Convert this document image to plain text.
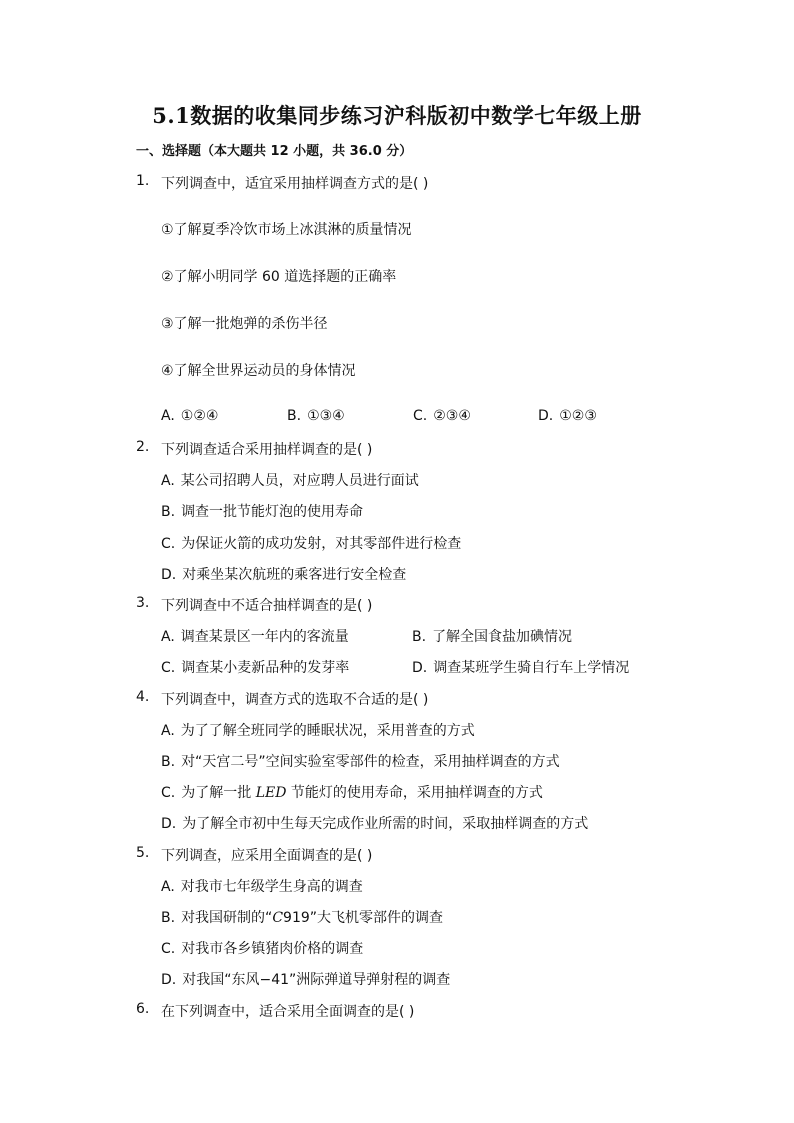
5.1数据的收集同步练习沪科版初中数学七年级上册
一、选择题（本大题共 12 小题，共 36.0 分）
1. 下列调查中，适宜采用抽样调查方式的是( )
①了解夏季冷饮市场上冰淇淋的质量情况
②了解小明同学 60 道选择题的正确率
③了解一批炮弹的杀伤半径
④了解全世界运动员的身体情况
A. ①②④	B. ①③④	C. ②③④	D. ①②③
2. 下列调查适合采用抽样调查的是( )
A. 某公司招聘人员，对应聘人员进行面试
B. 调查一批节能灯泡的使用寿命
C. 为保证火箭的成功发射，对其零部件进行检查
D. 对乘坐某次航班的乘客进行安全检查
3. 下列调查中不适合抽样调查的是( )
A. 调查某景区一年内的客流量	B. 了解全国食盐加碘情况
C. 调查某小麦新品种的发芽率	D. 调查某班学生骑自行车上学情况
4. 下列调查中，调查方式的选取不合适的是( )
A. 为了了解全班同学的睡眠状况，采用普查的方式
B. 对“天宫二号”空间实验室零部件的检查，采用抽样调查的方式
C. 为了解一批 LED 节能灯的使用寿命，采用抽样调查的方式
D. 为了解全市初中生每天完成作业所需的时间，采取抽样调查的方式
5. 下列调查，应采用全面调查的是( )
A. 对我市七年级学生身高的调查
B. 对我国研制的“C919”大飞机零部件的调查
C. 对我市各乡镇猪肉价格的调查
D. 对我国“东风−41”洲际弹道导弹射程的调查
6. 在下列调查中，适合采用全面调查的是( )
